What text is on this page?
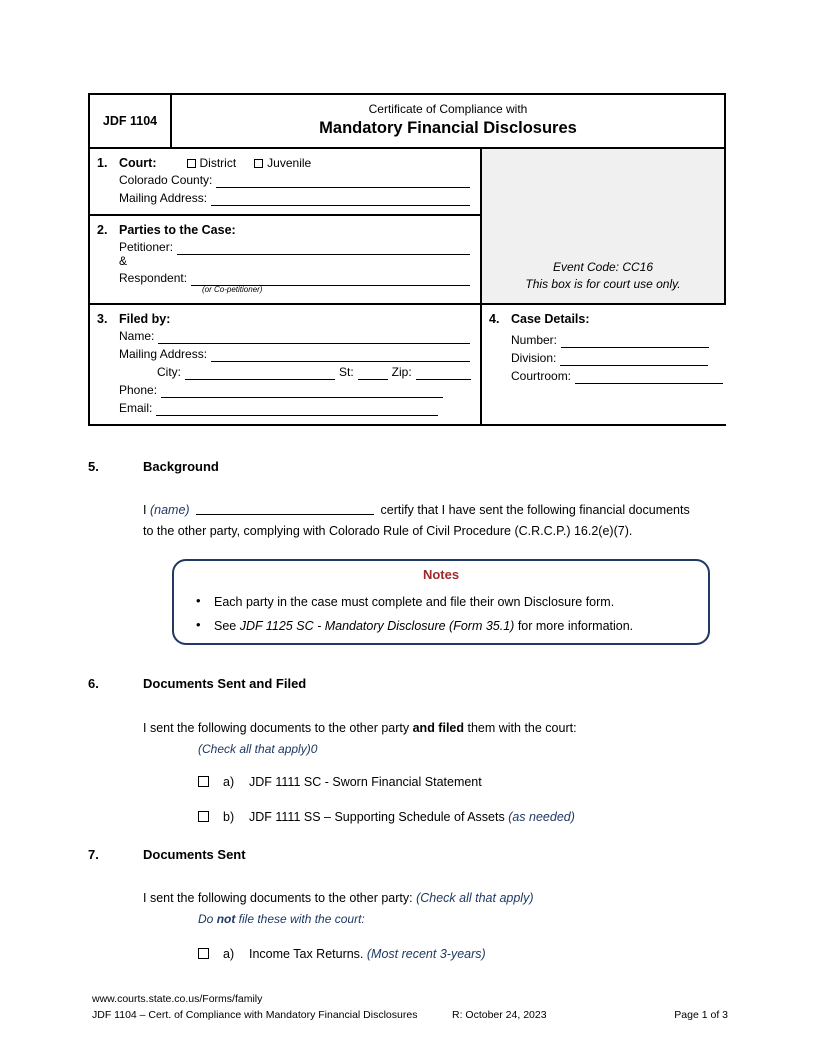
JDF 1104
Certificate of Compliance with
Mandatory Financial Disclosures
1. Court:	District	Juvenile
Colorado County:
Mailing Address:
2. Parties to the Case:
Petitioner:
&
Respondent:
(or Co-petitioner)
Event Code: CC16
This box is for court use only.
3. Filed by:
Name:
Mailing Address:
City:	St:	Zip:
Phone:
Email:
4. Case Details:
Number:
Division:
Courtroom:
5.	Background
I (name)	certify that I have sent the following financial documents
to the other party, complying with Colorado Rule of Civil Procedure (C.R.C.P.) 16.2(e)(7).
Notes
• Each party in the case must complete and file their own Disclosure form.
• See JDF 1125 SC - Mandatory Disclosure (Form 35.1) for more information.
6.	Documents Sent and Filed
I sent the following documents to the other party and filed them with the court:
(Check all that apply)0
a)	JDF 1111 SC - Sworn Financial Statement
b)	JDF 1111 SS – Supporting Schedule of Assets (as needed)
7.	Documents Sent
I sent the following documents to the other party: (Check all that apply)
Do not file these with the court:
a)	Income Tax Returns. (Most recent 3-years)
www.courts.state.co.us/Forms/family
JDF 1104 – Cert. of Compliance with Mandatory Financial Disclosures	R: October 24, 2023	Page 1 of 3
